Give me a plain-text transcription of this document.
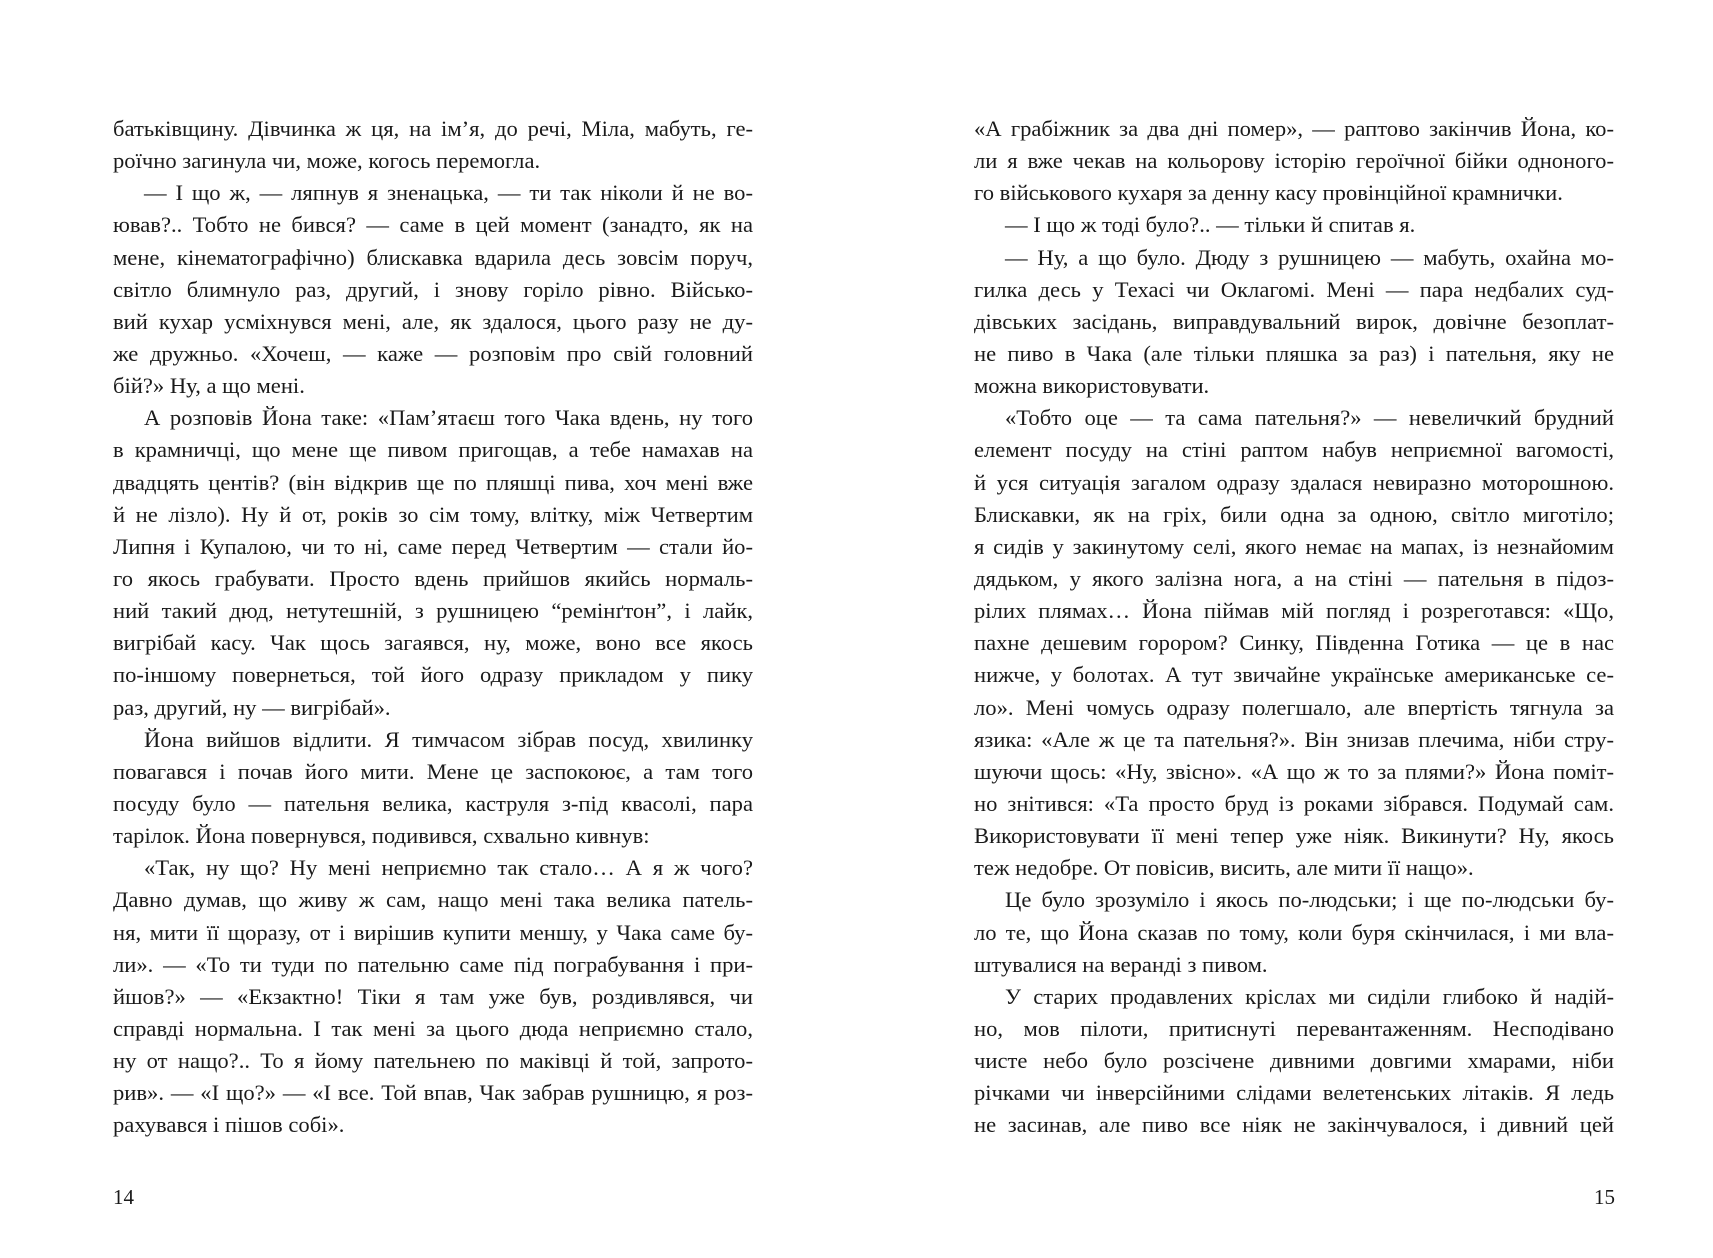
батьківщину. Дівчинка ж ця, на ім’я, до речі, Міла, мабуть, ге-
роїчно загинула чи, може, когось перемогла.
— І що ж, — ляпнув я зненацька, — ти так ніколи й не во-
ював?.. Тобто не бився? — саме в цей момент (занадто, як на
мене, кінематографічно) блискавка вдарила десь зовсім поруч,
світло блимнуло раз, другий, і знову горіло рівно. Військо-
вий кухар усміхнувся мені, але, як здалося, цього разу не ду-
же дружньо. «Хочеш, — каже — розповім про свій головний
бій?» Ну, а що мені.
А розповів Йона таке: «Пам’ятаєш того Чака вдень, ну того
в крамничці, що мене ще пивом пригощав, а тебе намахав на
двадцять центів? (він відкрив ще по пляшці пива, хоч мені вже
й не лізло). Ну й от, років зо сім тому, влітку, між Четвертим
Липня і Купалою, чи то ні, саме перед Четвертим — стали йо-
го якось грабувати. Просто вдень прийшов якийсь нормаль-
ний такий дюд, нетутешній, з рушницею “ремінґтон”, і лайк,
вигрібай касу. Чак щось загаявся, ну, може, воно все якось
по-іншому повернеться, той його одразу прикладом у пику
раз, другий, ну — вигрібай».
Йона вийшов відлити. Я тимчасом зібрав посуд, хвилинку
повагався і почав його мити. Мене це заспокоює, а там того
посуду було — пательня велика, каструля з-під квасолі, пара
тарілок. Йона повернувся, подивився, схвально кивнув:
«Так, ну що? Ну мені неприємно так стало… А я ж чого?
Давно думав, що живу ж сам, нащо мені така велика патель-
ня, мити її щоразу, от і вирішив купити меншу, у Чака саме бу-
ли». — «То ти туди по пательню саме під пограбування і при-
йшов?» — «Екзактно! Тіки я там уже був, роздивлявся, чи
справді нормальна. І так мені за цього дюда неприємно стало,
ну от нащо?.. То я йому пательнею по маківці й той, запрото-
рив». — «І що?» — «І все. Той впав, Чак забрав рушницю, я роз-
рахувався і пішов собі».
14
«А грабіжник за два дні помер», — раптово закінчив Йона, ко-
ли я вже чекав на кольорову історію героїчної бійки одноного-
го військового кухаря за денну касу провінційної крамнички.
— І що ж тоді було?.. — тільки й спитав я.
— Ну, а що було. Дюду з рушницею — мабуть, охайна мо-
гилка десь у Техасі чи Оклагомі. Мені — пара недбалих суд-
дівських засідань, виправдувальний вирок, довічне безоплат-
не пиво в Чака (але тільки пляшка за раз) і пательня, яку не
можна використовувати.
«Тобто оце — та сама пательня?» — невеличкий брудний
елемент посуду на стіні раптом набув неприємної вагомості,
й уся ситуація загалом одразу здалася невиразно моторошною.
Блискавки, як на гріх, били одна за одною, світло миготіло;
я сидів у закинутому селі, якого немає на мапах, із незнайомим
дядьком, у якого залізна нога, а на стіні — пательня в підоз-
рілих плямах… Йона піймав мій погляд і розреготався: «Що,
пахне дешевим горором? Синку, Південна Готика — це в нас
нижче, у болотах. А тут звичайне українське американське се-
ло». Мені чомусь одразу полегшало, але впертість тягнула за
язика: «Але ж це та пательня?». Він знизав плечима, ніби стру-
шуючи щось: «Ну, звісно». «А що ж то за плями?» Йона поміт-
но знітився: «Та просто бруд із роками зібрався. Подумай сам.
Використовувати її мені тепер уже ніяк. Викинути? Ну, якось
теж недобре. От повісив, висить, але мити її нащо».
Це було зрозуміло і якось по-людськи; і ще по-людськи бу-
ло те, що Йона сказав по тому, коли буря скінчилася, і ми вла-
штувалися на веранді з пивом.
У старих продавлених кріслах ми сиділи глибоко й надій-
но, мов пілоти, притиснуті перевантаженням. Несподівано
чисте небо було розсічене дивними довгими хмарами, ніби
річками чи інверсійними слідами велетенських літаків. Я ледь
не засинав, але пиво все ніяк не закінчувалося, і дивний цей
15
